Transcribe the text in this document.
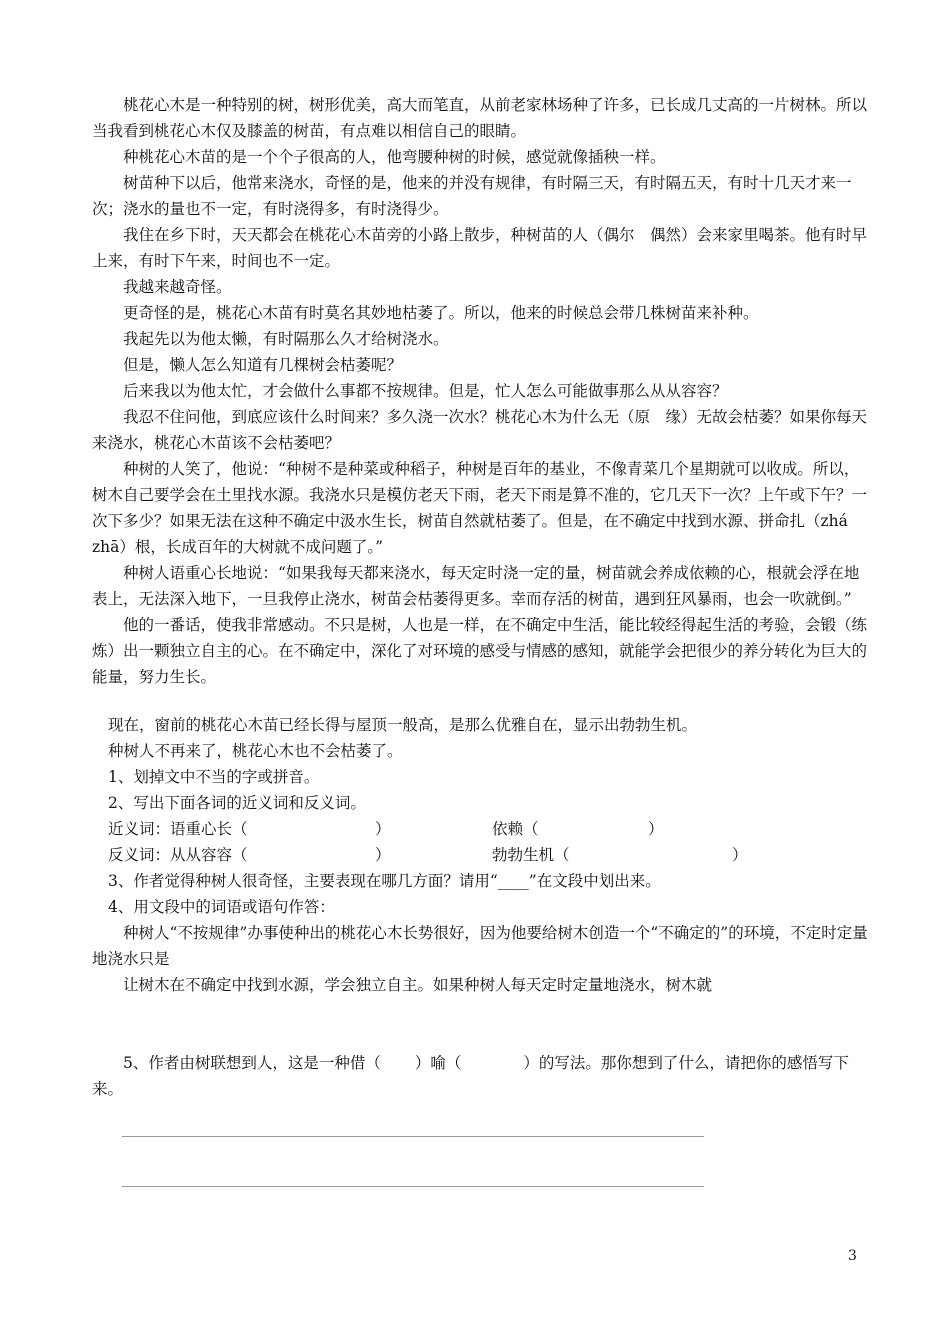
桃花心木是一种特别的树，树形优美，高大而笔直，从前老家林场种了许多，已长成几丈高的一片树林。所以当我看到桃花心木仅及膝盖的树苗，有点难以相信自己的眼睛。

种桃花心木苗的是一个个子很高的人，他弯腰种树的时候，感觉就像插秧一样。

树苗种下以后，他常来浇水，奇怪的是，他来的并没有规律，有时隔三天，有时隔五天，有时十几天才来一次；浇水的量也不一定，有时浇得多，有时浇得少。

我住在乡下时，天天都会在桃花心木苗旁的小路上散步，种树苗的人（偶尔　偶然）会来家里喝茶。他有时早上来，有时下午来，时间也不一定。

我越来越奇怪。

更奇怪的是，桃花心木苗有时莫名其妙地枯萎了。所以，他来的时候总会带几株树苗来补种。

我起先以为他太懒，有时隔那么久才给树浇水。

但是，懒人怎么知道有几棵树会枯萎呢？

后来我以为他太忙，才会做什么事都不按规律。但是，忙人怎么可能做事那么从从容容？

我忍不住问他，到底应该什么时间来？多久浇一次水？桃花心木为什么无（原　缘）无故会枯萎？如果你每天来浇水，桃花心木苗该不会枯萎吧？

种树的人笑了，他说：“种树不是种菜或种稻子，种树是百年的基业，不像青菜几个星期就可以收成。所以，树木自己要学会在土里找水源。我浇水只是模仿老天下雨，老天下雨是算不准的，它几天下一次？上午或下午？一次下多少？如果无法在这种不确定中汲水生长，树苗自然就枯萎了。但是，在不确定中找到水源、拼命扎（zhá　zhā）根，长成百年的大树就不成问题了。”

种树人语重心长地说：“如果我每天都来浇水，每天定时浇一定的量，树苗就会养成依赖的心，根就会浮在地表上，无法深入地下，一旦我停止浇水，树苗会枯萎得更多。幸而存活的树苗，遇到狂风暴雨，也会一吹就倒。”

他的一番话，使我非常感动。不只是树，人也是一样，在不确定中生活，能比较经得起生活的考验，会锻（练　炼）出一颗独立自主的心。在不确定中，深化了对环境的感受与情感的感知，就能学会把很少的养分转化为巨大的能量，努力生长。

现在，窗前的桃花心木苗已经长得与屋顶一般高，是那么优雅自在，显示出勃勃生机。

种树人不再来了，桃花心木也不会枯萎了。

1、划掉文中不当的字或拼音。

2、写出下面各词的近义词和反义词。

近义词：语重心长（	）	依赖（	）
反义词：从从容容（	）	勃勃生机（	）

3、作者觉得种树人很奇怪，主要表现在哪几方面？请用“____”在文段中划出来。

4、用文段中的词语或语句作答：

种树人“不按规律”办事使种出的桃花心木长势很好，因为他要给树木创造一个“不确定的”的环境，不定时定量地浇水只是

让树木在不确定中找到水源，学会独立自主。如果种树人每天定时定量地浇水，树木就

5、作者由树联想到人，这是一种借（ ）喻（	）的写法。那你想到了什么，请把你的感悟写下来。

3
